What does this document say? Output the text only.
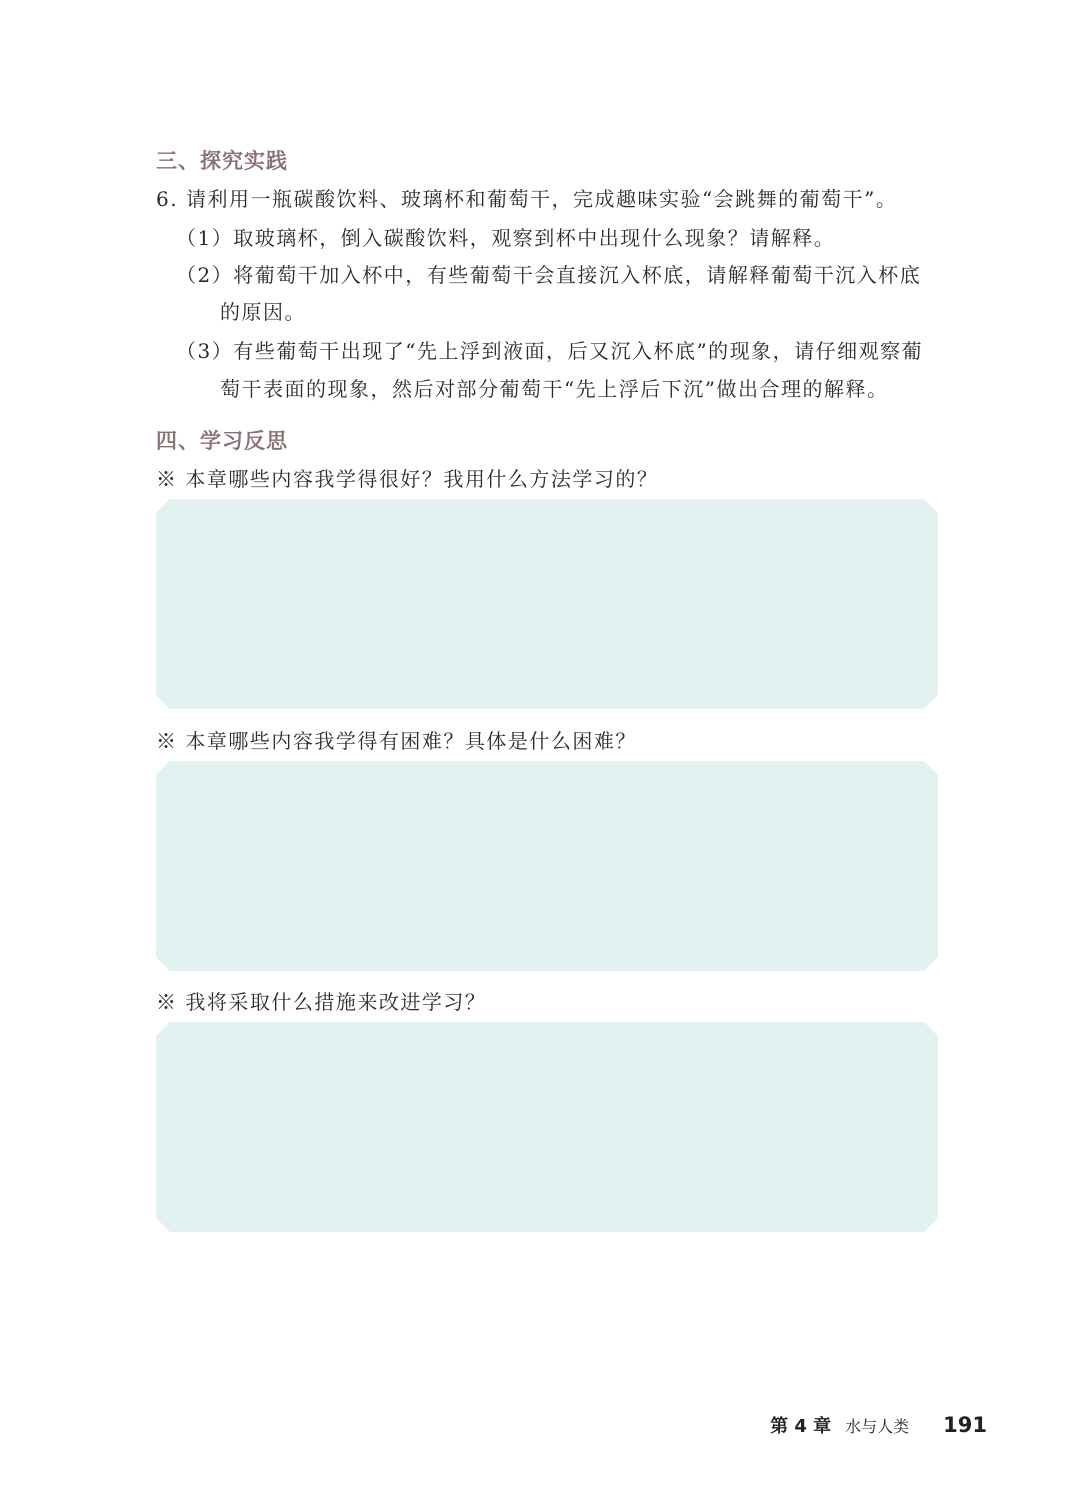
三、探究实践
6. 请利用一瓶碳酸饮料、玻璃杯和葡萄干，完成趣味实验“会跳舞的葡萄干”。
（1）取玻璃杯，倒入碳酸饮料，观察到杯中出现什么现象？请解释。
（2）将葡萄干加入杯中，有些葡萄干会直接沉入杯底，请解释葡萄干沉入杯底
的原因。
（3）有些葡萄干出现了“先上浮到液面，后又沉入杯底”的现象，请仔细观察葡
萄干表面的现象，然后对部分葡萄干“先上浮后下沉”做出合理的解释。
四、学习反思
※ 本章哪些内容我学得很好？我用什么方法学习的？
※ 本章哪些内容我学得有困难？具体是什么困难？
※ 我将采取什么措施来改进学习？
第 4 章 水与人类 191
